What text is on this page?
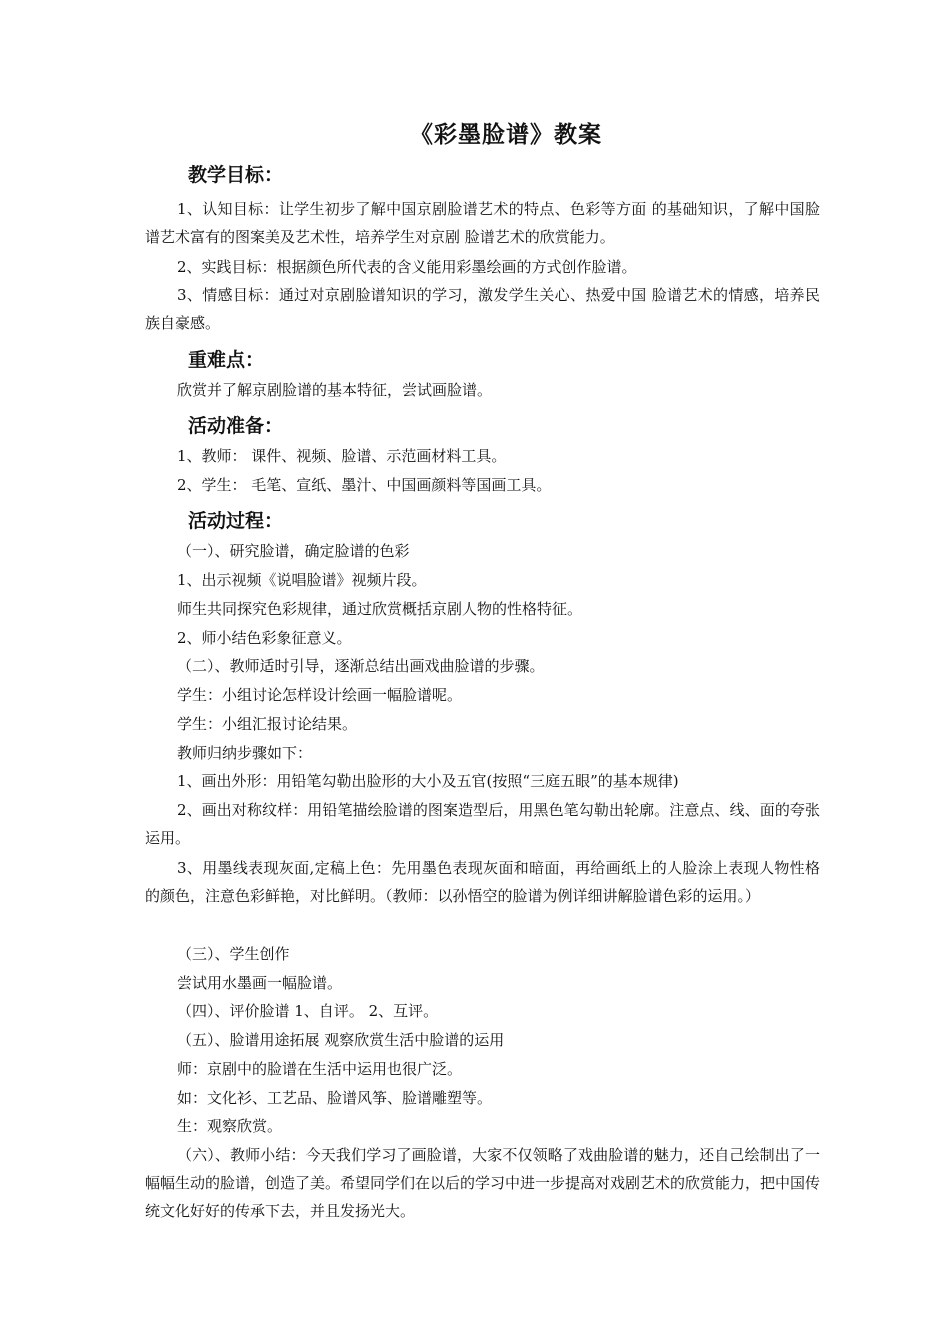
《彩墨脸谱》教案
教学目标：

1、认知目标：让学生初步了解中国京剧脸谱艺术的特点、色彩等方面 的基础知识，了解中国脸谱艺术富有的图案美及艺术性，培养学生对京剧 脸谱艺术的欣赏能力。

2、实践目标：根据颜色所代表的含义能用彩墨绘画的方式创作脸谱。

3、情感目标：通过对京剧脸谱知识的学习，激发学生关心、热爱中国 脸谱艺术的情感，培养民族自豪感。

重难点：

欣赏并了解京剧脸谱的基本特征，尝试画脸谱。

活动准备：

1、教师： 课件、视频、脸谱、示范画材料工具。

2、学生： 毛笔、宣纸、墨汁、中国画颜料等国画工具。

活动过程：

（一）、研究脸谱，确定脸谱的色彩

1、出示视频《说唱脸谱》视频片段。

师生共同探究色彩规律，通过欣赏概括京剧人物的性格特征。

2、师小结色彩象征意义。

（二）、教师适时引导，逐渐总结出画戏曲脸谱的步骤。

学生：小组讨论怎样设计绘画一幅脸谱呢。

学生：小组汇报讨论结果。

教师归纳步骤如下：

1、画出外形：用铅笔勾勒出脸形的大小及五官(按照“三庭五眼”的基本规律)

2、画出对称纹样：用铅笔描绘脸谱的图案造型后，用黑色笔勾勒出轮廓。注意点、线、面的夸张运用。

3、用墨线表现灰面,定稿上色：先用墨色表现灰面和暗面，再给画纸上的人脸涂上表现人物性格的颜色，注意色彩鲜艳，对比鲜明。（教师：以孙悟空的脸谱为例详细讲解脸谱色彩的运用。）

（三）、学生创作

尝试用水墨画一幅脸谱。

（四）、评价脸谱 1、自评。 2、互评。

（五）、脸谱用途拓展 观察欣赏生活中脸谱的运用

师：京剧中的脸谱在生活中运用也很广泛。

如：文化衫、工艺品、脸谱风筝、脸谱雕塑等。

生：观察欣赏。

（六）、教师小结：今天我们学习了画脸谱，大家不仅领略了戏曲脸谱的魅力，还自己绘制出了一幅幅生动的脸谱，创造了美。希望同学们在以后的学习中进一步提高对戏剧艺术的欣赏能力，把中国传统文化好好的传承下去，并且发扬光大。
